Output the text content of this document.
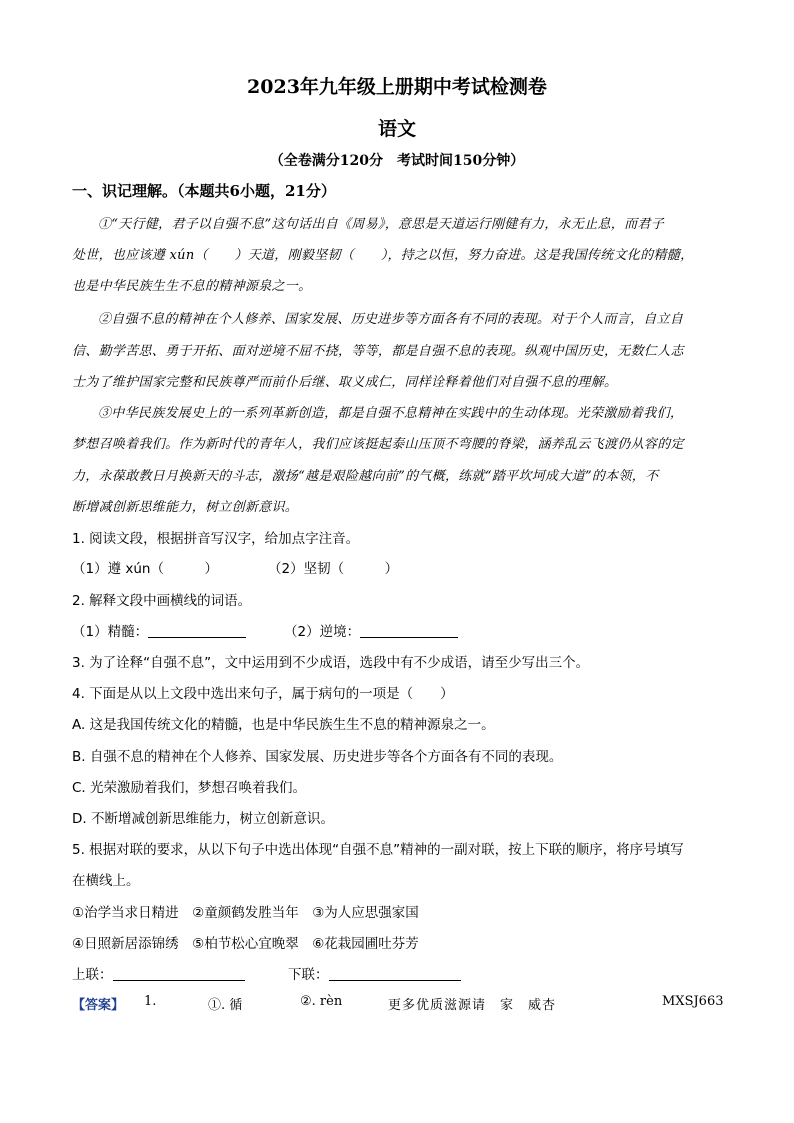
2023年九年级上册期中考试检测卷
语文
（全卷满分120分　考试时间150分钟）
一、识记理解。（本题共6小题，21分）
①“天行健，君子以自强不息”这句话出自《周易》，意思是天道运行刚健有力，永无止息，而君子
处世，也应该遵 xún（　　）天道，刚毅坚韧（　　），持之以恒，努力奋进。这是我国传统文化的精髓，
也是中华民族生生不息的精神源泉之一。
②自强不息的精神在个人修养、国家发展、历史进步等方面各有不同的表现。对于个人而言，自立自
信、勤学苦思、勇于开拓、面对逆境不屈不挠，等等，都是自强不息的表现。纵观中国历史，无数仁人志
士为了维护国家完整和民族尊严而前仆后继、取义成仁，同样诠释着他们对自强不息的理解。
③中华民族发展史上的一系列革新创造，都是自强不息精神在实践中的生动体现。光荣激励着我们，
梦想召唤着我们。作为新时代的青年人，我们应该挺起泰山压顶不弯腰的脊梁，涵养乱云飞渡仍从容的定
力，永葆敢教日月换新天的斗志，激扬“越是艰险越向前”的气概，练就“踏平坎坷成大道”的本领，不
断增减创新思维能力，树立创新意识。
1. 阅读文段，根据拼音写汉字，给加点字注音。
（1）遵 xún（　　　）	（2）坚韧（　　　）
2. 解释文段中画横线的词语。
（1）精髓：	（2）逆境：
3. 为了诠释“自强不息”，文中运用到不少成语，选段中有不少成语，请至少写出三个。
4. 下面是从以上文段中选出来句子，属于病句的一项是（　　）
A. 这是我国传统文化的精髓，也是中华民族生生不息的精神源泉之一。
B. 自强不息的精神在个人修养、国家发展、历史进步等各个方面各有不同的表现。
C. 光荣激励着我们，梦想召唤着我们。
D. 不断增减创新思维能力，树立创新意识。
5. 根据对联的要求，从以下句子中选出体现“自强不息”精神的一副对联，按上下联的顺序，将序号填写
在横线上。
①治学当求日精进　②童颜鹤发胜当年　③为人应思强家国
④日照新居添锦绣　⑤柏节松心宜晚翠　⑥花栽园圃吐芬芳
上联：	下联：
【答案】 1.	①. 循	②. rèn	更多优质滋源请　家　威杏	MXSJ663
